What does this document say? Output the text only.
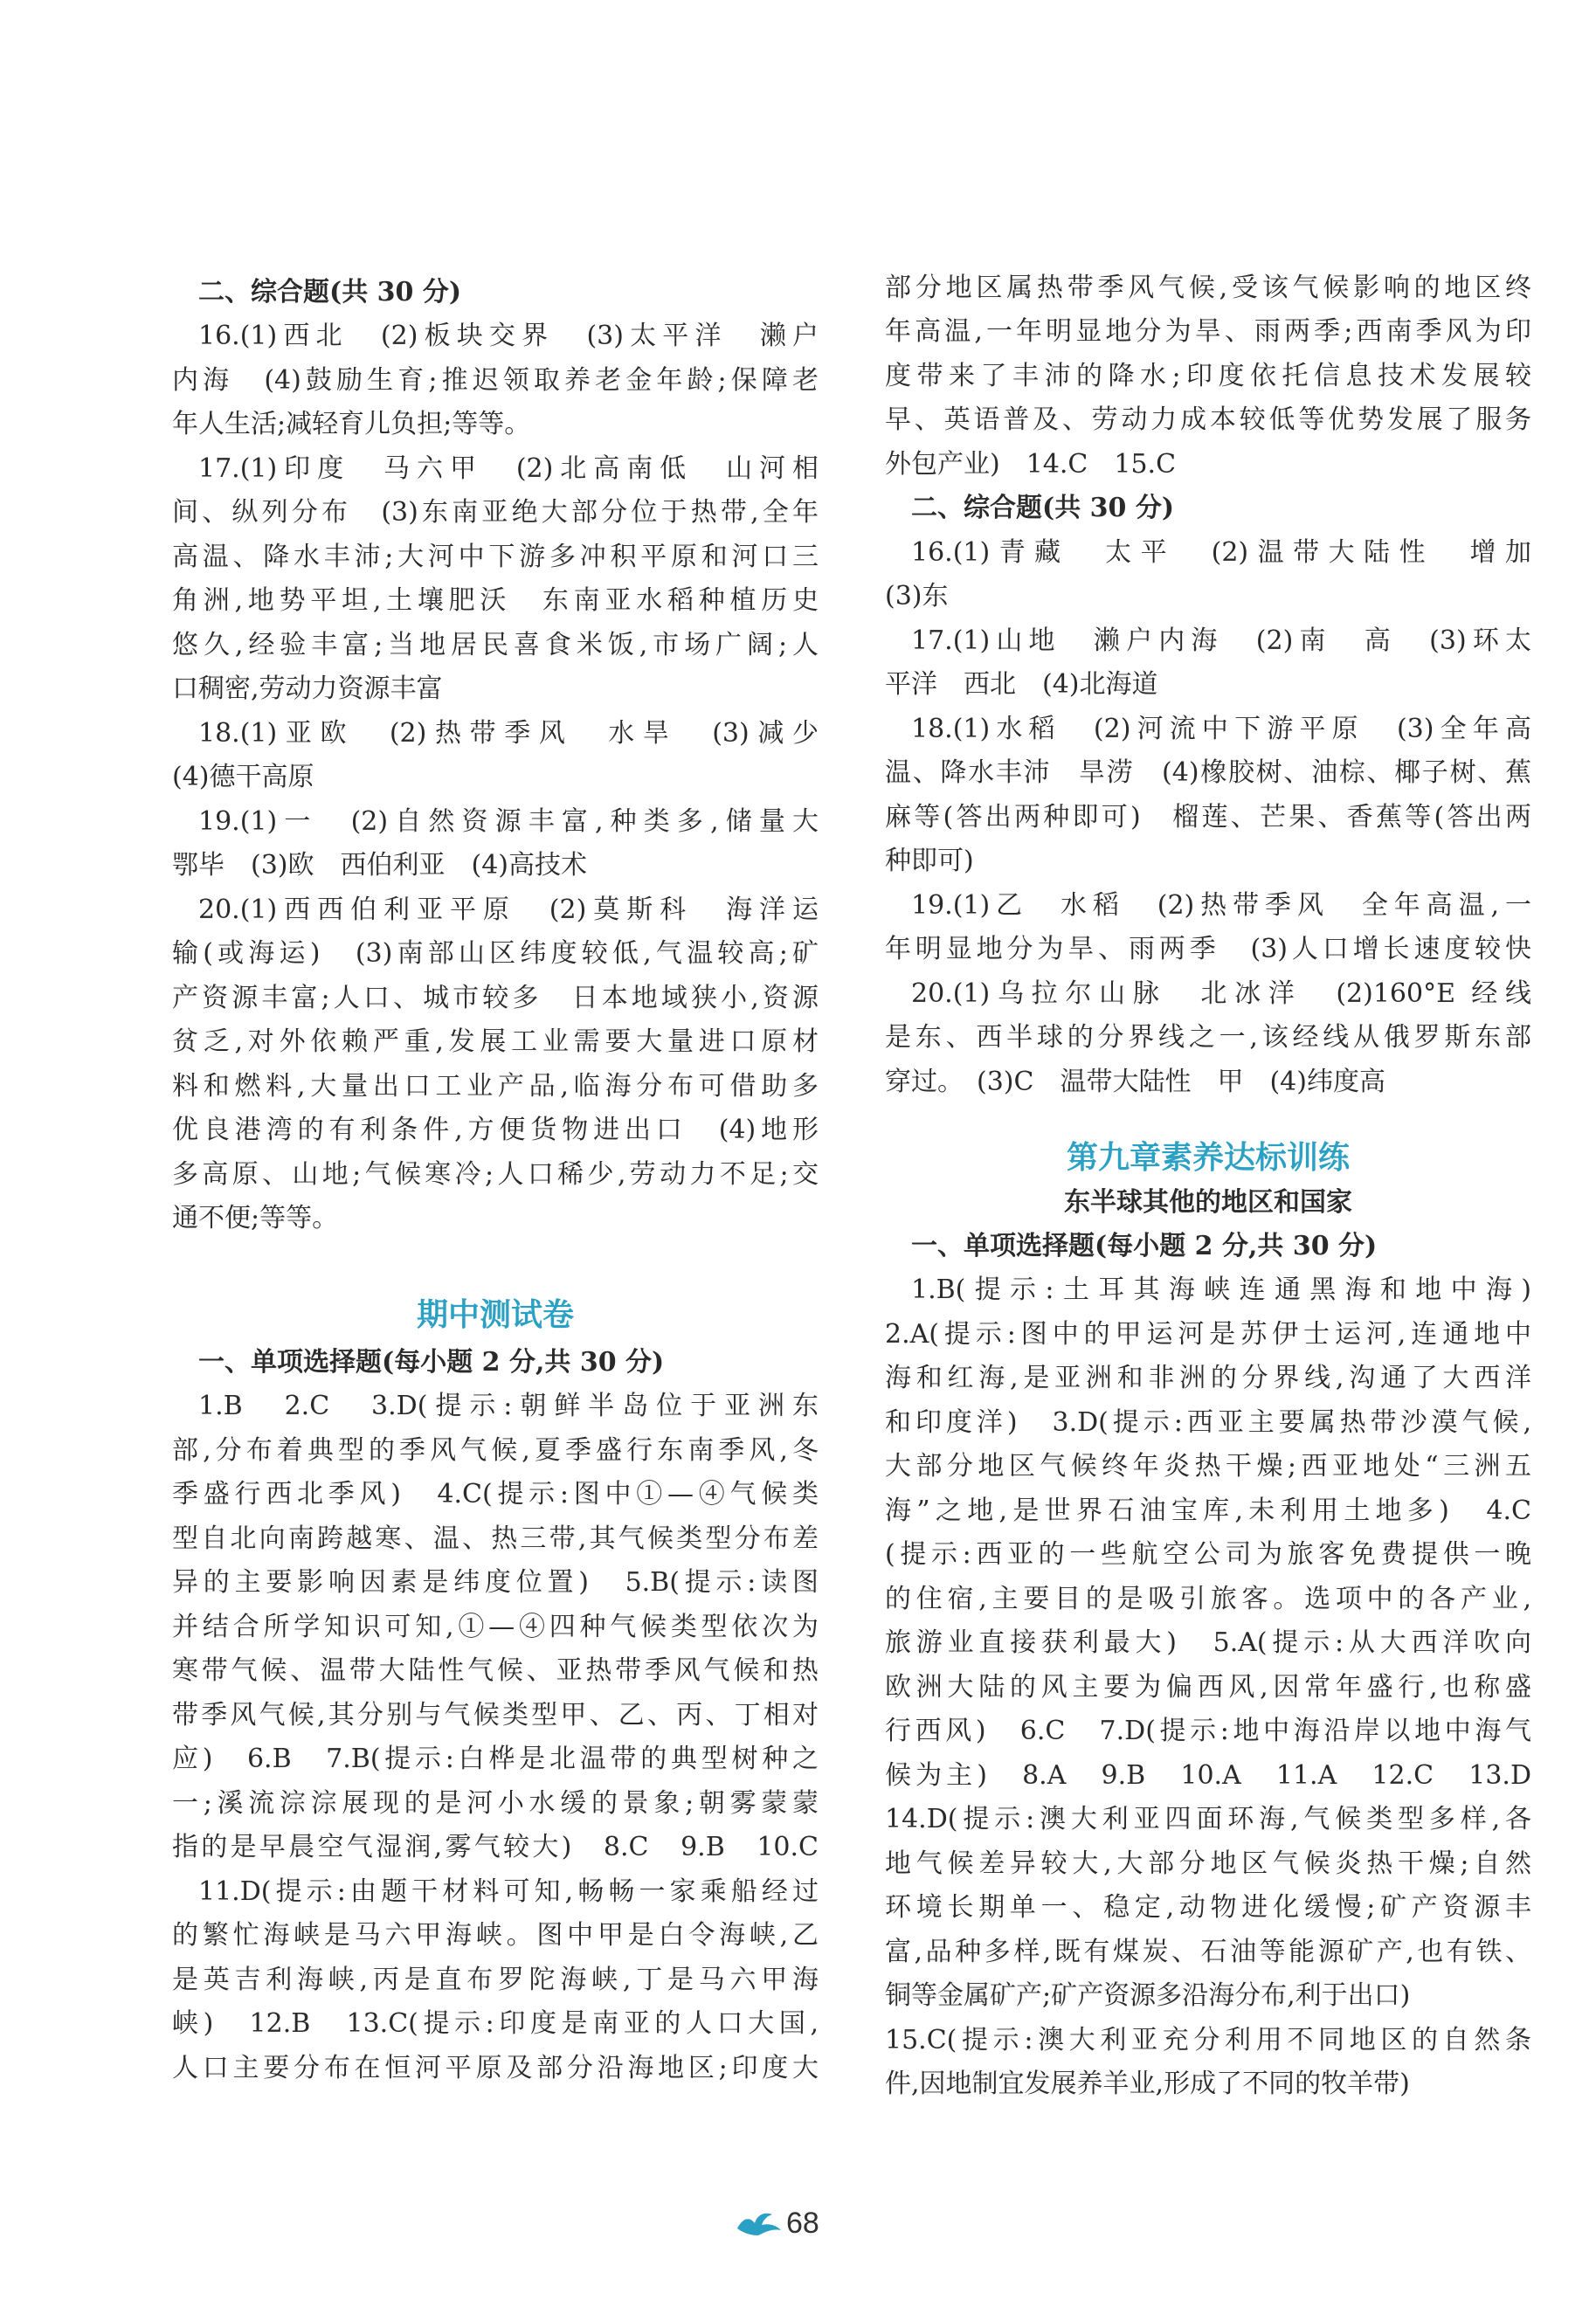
二、综合题(共 30 分)
16.(1)西北　(2)板块交界　(3)太平洋　濑户
内海　(4)鼓励生育;推迟领取养老金年龄;保障老
年人生活;减轻育儿负担;等等。
17.(1)印度　马六甲　(2)北高南低　山河相
间、纵列分布　(3)东南亚绝大部分位于热带,全年
高温、降水丰沛;大河中下游多冲积平原和河口三
角洲,地势平坦,土壤肥沃　东南亚水稻种植历史
悠久,经验丰富;当地居民喜食米饭,市场广阔;人
口稠密,劳动力资源丰富
18.(1)亚欧　(2)热带季风　水旱　(3)减少
(4)德干高原
19.(1)一　(2)自然资源丰富,种类多,储量大
鄂毕　(3)欧　西伯利亚　(4)高技术
20.(1)西西伯利亚平原　(2)莫斯科　海洋运
输(或海运)　(3)南部山区纬度较低,气温较高;矿
产资源丰富;人口、城市较多　日本地域狭小,资源
贫乏,对外依赖严重,发展工业需要大量进口原材
料和燃料,大量出口工业产品,临海分布可借助多
优良港湾的有利条件,方便货物进出口　(4)地形
多高原、山地;气候寒冷;人口稀少,劳动力不足;交
通不便;等等。
期中测试卷
一、单项选择题(每小题 2 分,共 30 分)
1.B　2.C　3.D(提示:朝鲜半岛位于亚洲东
部,分布着典型的季风气候,夏季盛行东南季风,冬
季盛行西北季风)　4.C(提示:图中①—④气候类
型自北向南跨越寒、温、热三带,其气候类型分布差
异的主要影响因素是纬度位置)　5.B(提示:读图
并结合所学知识可知,①—④四种气候类型依次为
寒带气候、温带大陆性气候、亚热带季风气候和热
带季风气候,其分别与气候类型甲、乙、丙、丁相对
应)　6.B　7.B(提示:白桦是北温带的典型树种之
一;溪流淙淙展现的是河小水缓的景象;朝雾蒙蒙
指的是早晨空气湿润,雾气较大)　8.C　9.B　10.C
11.D(提示:由题干材料可知,畅畅一家乘船经过
的繁忙海峡是马六甲海峡。图中甲是白令海峡,乙
是英吉利海峡,丙是直布罗陀海峡,丁是马六甲海
峡)　12.B　13.C(提示:印度是南亚的人口大国,
人口主要分布在恒河平原及部分沿海地区;印度大
部分地区属热带季风气候,受该气候影响的地区终
年高温,一年明显地分为旱、雨两季;西南季风为印
度带来了丰沛的降水;印度依托信息技术发展较
早、英语普及、劳动力成本较低等优势发展了服务
外包产业)　14.C　15.C
二、综合题(共 30 分)
16.(1)青藏　太平　(2)温带大陆性　增加
(3)东
17.(1)山地　濑户内海　(2)南　高　(3)环太
平洋　西北　(4)北海道
18.(1)水稻　(2)河流中下游平原　(3)全年高
温、降水丰沛　旱涝　(4)橡胶树、油棕、椰子树、蕉
麻等(答出两种即可)　榴莲、芒果、香蕉等(答出两
种即可)
19.(1)乙　水稻　(2)热带季风　全年高温,一
年明显地分为旱、雨两季　(3)人口增长速度较快
20.(1)乌拉尔山脉　北冰洋　(2)160°E 经线
是东、西半球的分界线之一,该经线从俄罗斯东部
穿过。　(3)C　温带大陆性　甲　(4)纬度高
第九章素养达标训练
东半球其他的地区和国家
一、单项选择题(每小题 2 分,共 30 分)
1.B(提示:土耳其海峡连通黑海和地中海)
2.A(提示:图中的甲运河是苏伊士运河,连通地中
海和红海,是亚洲和非洲的分界线,沟通了大西洋
和印度洋)　3.D(提示:西亚主要属热带沙漠气候,
大部分地区气候终年炎热干燥;西亚地处“三洲五
海”之地,是世界石油宝库,未利用土地多)　4.C
(提示:西亚的一些航空公司为旅客免费提供一晚
的住宿,主要目的是吸引旅客。选项中的各产业,
旅游业直接获利最大)　5.A(提示:从大西洋吹向
欧洲大陆的风主要为偏西风,因常年盛行,也称盛
行西风)　6.C　7.D(提示:地中海沿岸以地中海气
候为主)　8.A　9.B　10.A　11.A　12.C　13.D
14.D(提示:澳大利亚四面环海,气候类型多样,各
地气候差异较大,大部分地区气候炎热干燥;自然
环境长期单一、稳定,动物进化缓慢;矿产资源丰
富,品种多样,既有煤炭、石油等能源矿产,也有铁、
铜等金属矿产;矿产资源多沿海分布,利于出口)
15.C(提示:澳大利亚充分利用不同地区的自然条
件,因地制宜发展养羊业,形成了不同的牧羊带)
68
